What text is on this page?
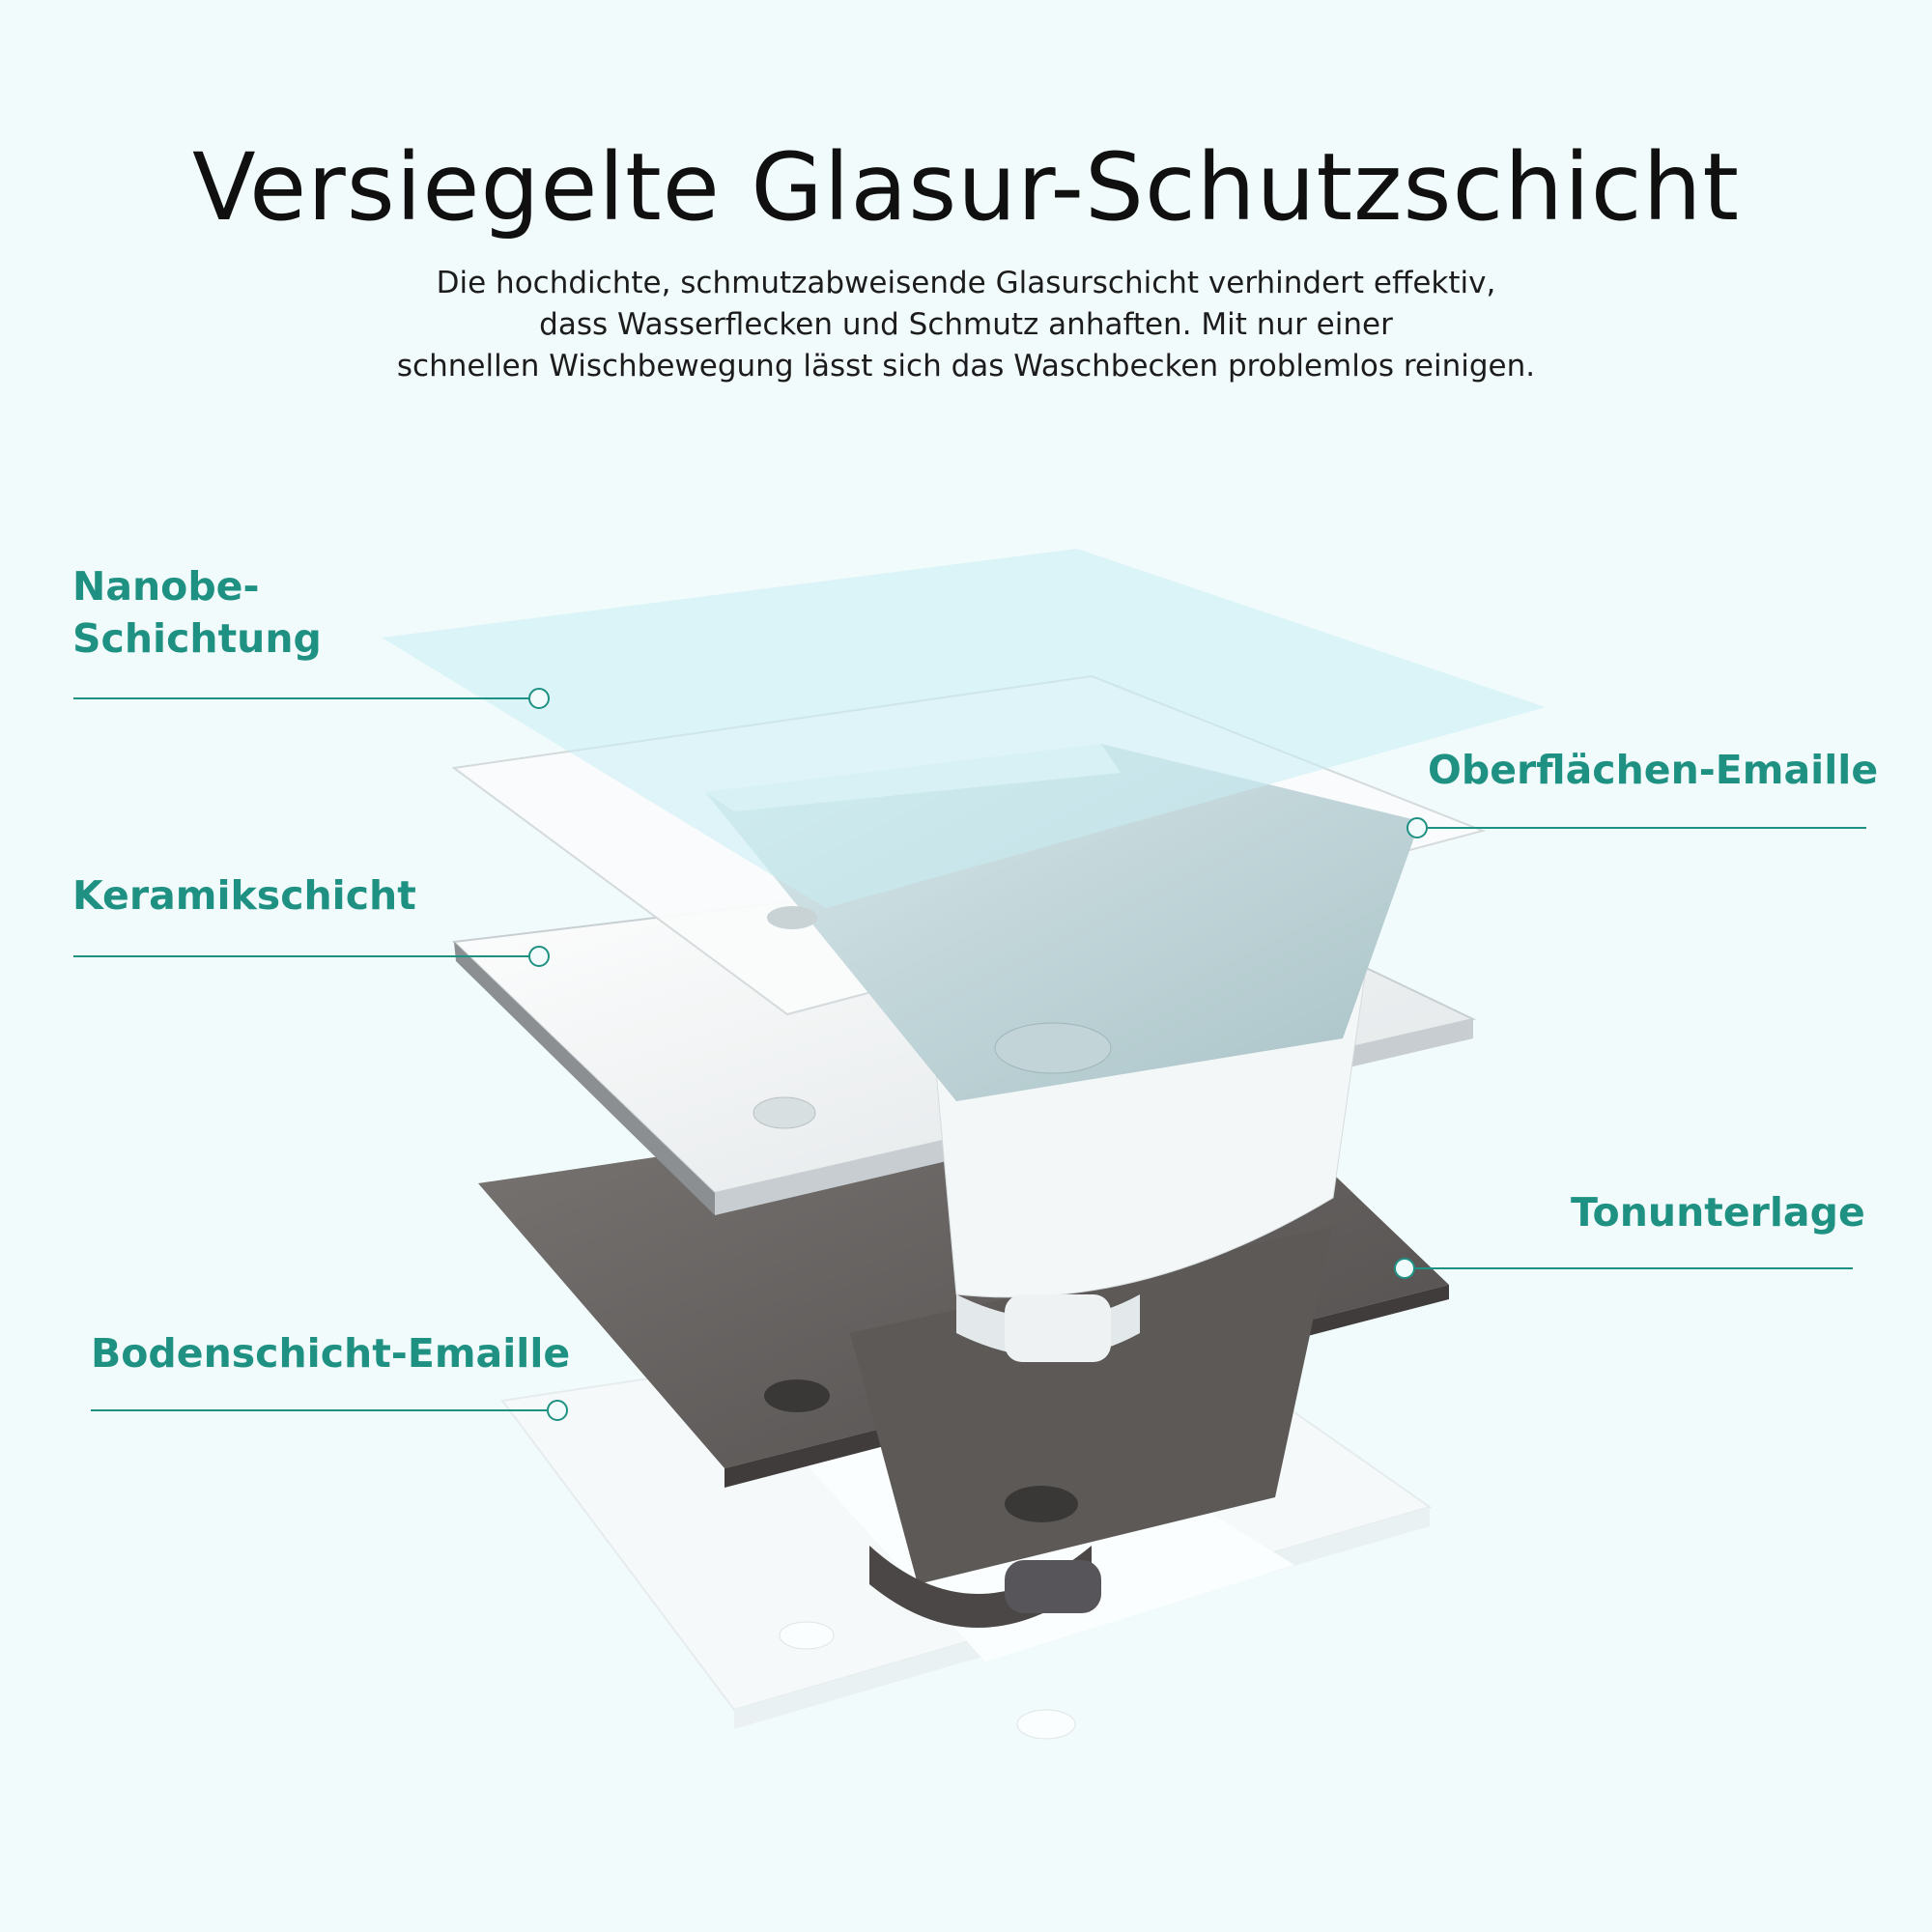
Versiegelte Glasur-Schutzschicht
Die hochdichte, schmutzabweisende Glasurschicht verhindert effektiv,
dass Wasserflecken und Schmutz anhaften. Mit nur einer
schnellen Wischbewegung lässt sich das Waschbecken problemlos reinigen.
Nanobe-
Schichtung
Oberflächen-Emaille
Keramikschicht
Tonunterlage
Bodenschicht-Emaille
